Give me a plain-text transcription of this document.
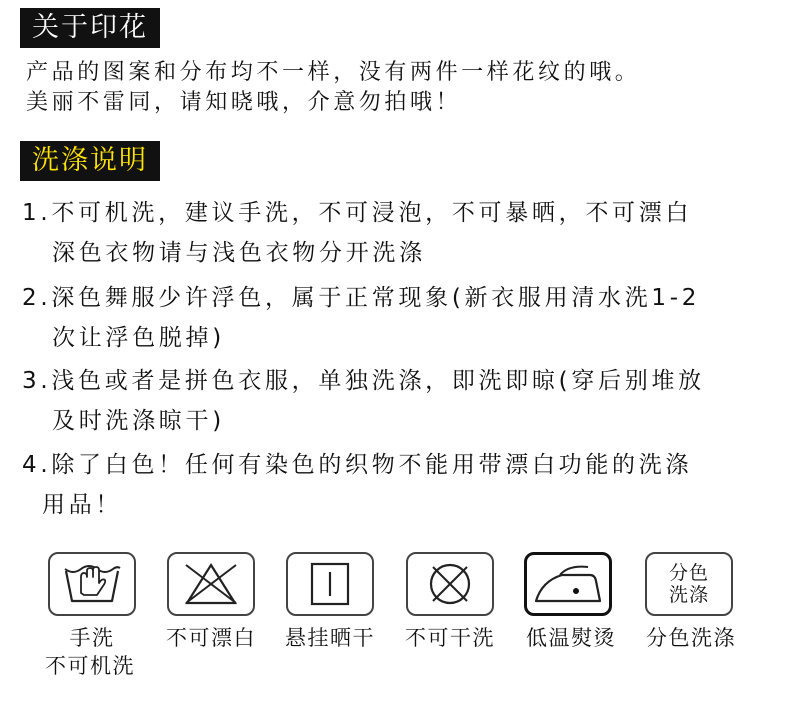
关于印花
产品的图案和分布均不一样，没有两件一样花纹的哦。
美丽不雷同，请知晓哦，介意勿拍哦！
洗涤说明
1.不可机洗，建议手洗，不可浸泡，不可暴晒，不可漂白
深色衣物请与浅色衣物分开洗涤
2.深色舞服少许浮色，属于正常现象(新衣服用清水洗1-2
次让浮色脱掉)
3.浅色或者是拼色衣服，单独洗涤，即洗即晾(穿后别堆放
及时洗涤晾干)
4.除了白色！任何有染色的织物不能用带漂白功能的洗涤
用品！
分色
洗涤
手洗
不可机洗
不可漂白	悬挂晒干	不可干洗	低温熨烫	分色洗涤
